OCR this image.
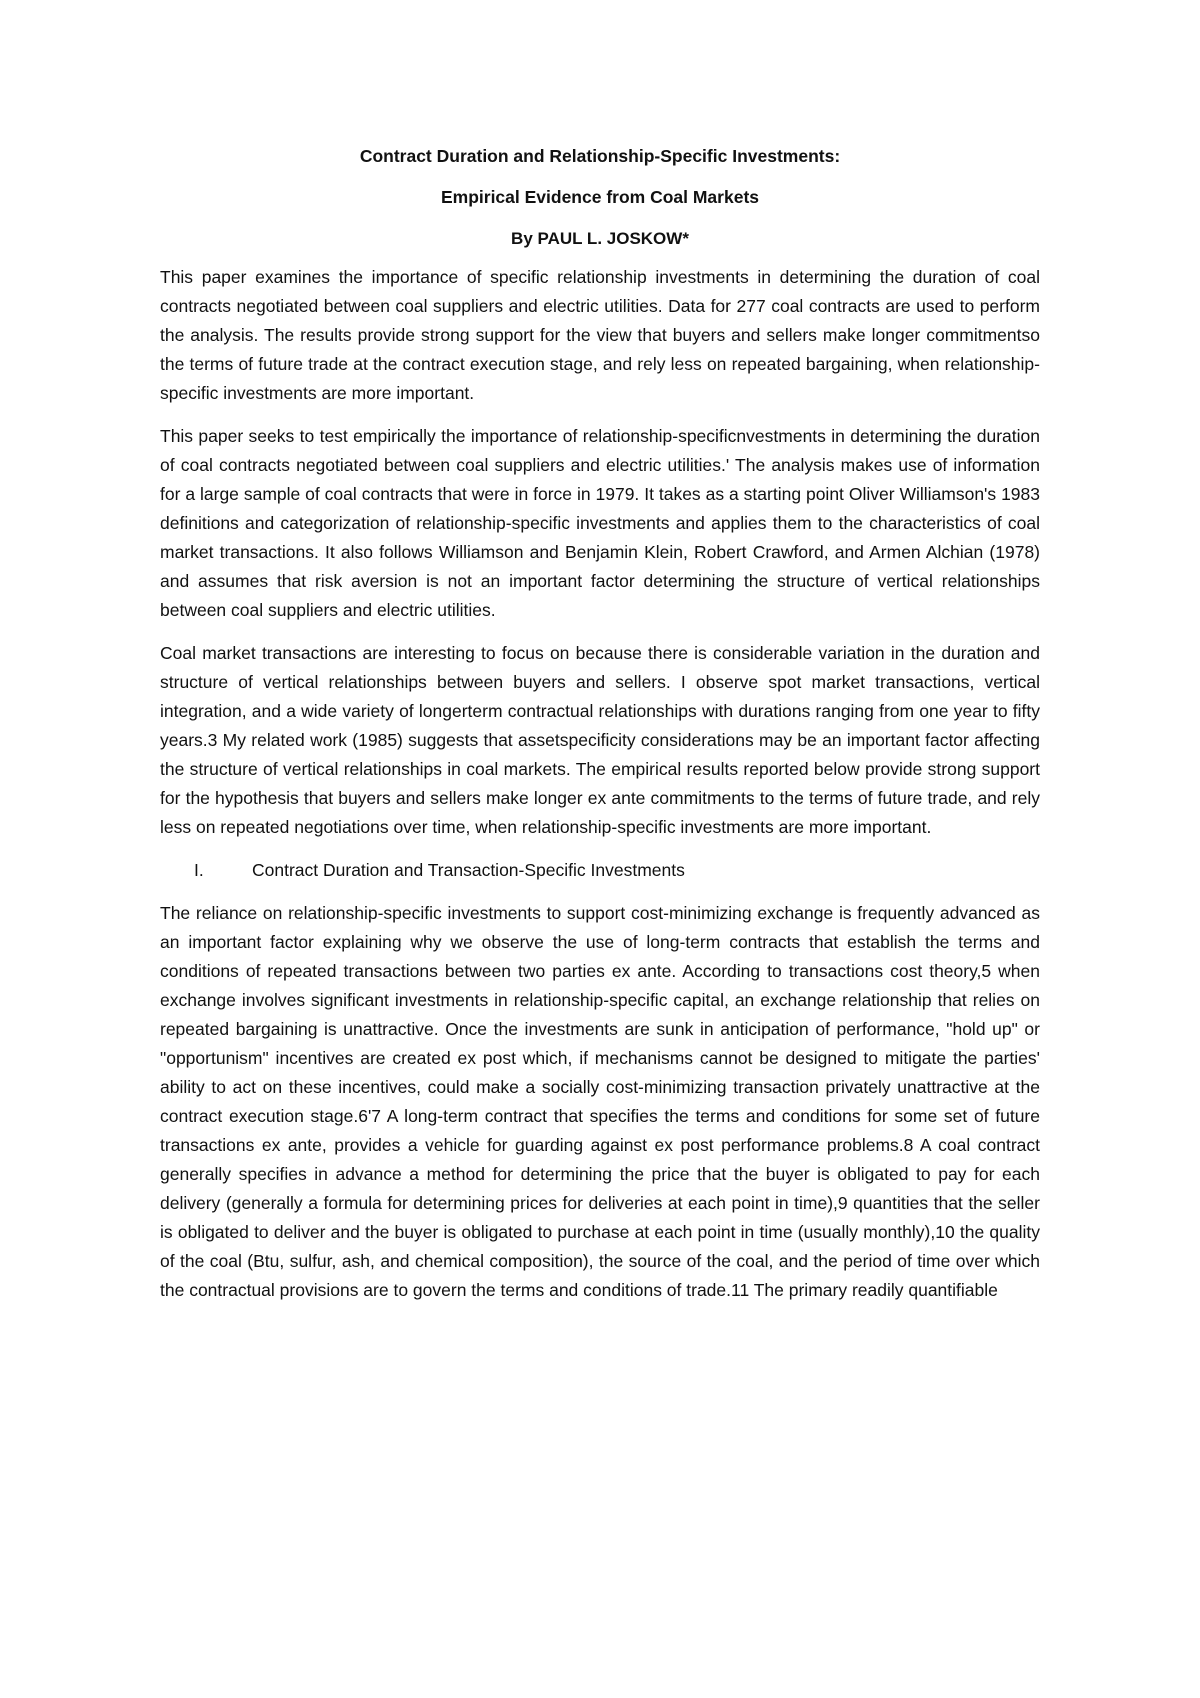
Contract Duration and Relationship-Specific Investments:

Empirical Evidence from Coal Markets

By PAUL L. JOSKOW*

This paper examines the importance of specific relationship investments in determining the duration of coal contracts negotiated between coal suppliers and electric utilities. Data for 277 coal contracts are used to perform the analysis. The results provide strong support for the view that buyers and sellers make longer commitmentso the terms of future trade at the contract execution stage, and rely less on repeated bargaining, when relationship-specific investments are more important.

This paper seeks to test empirically the importance of relationship-specificnvestments in determining the duration of coal contracts negotiated between coal suppliers and electric utilities.' The analysis makes use of information for a large sample of coal contracts that were in force in 1979. It takes as a starting point Oliver Williamson's 1983 definitions and categorization of relationship-specific investments and applies them to the characteristics of coal market transactions. It also follows Williamson and Benjamin Klein, Robert Crawford, and Armen Alchian (1978) and assumes that risk aversion is not an important factor determining the structure of vertical relationships between coal suppliers and electric utilities.

Coal market transactions are interesting to focus on because there is considerable variation in the duration and structure of vertical relationships between buyers and sellers. I observe spot market transactions, vertical integration, and a wide variety of longerterm contractual relationships with durations ranging from one year to fifty years.3 My related work (1985) suggests that assetspecificity considerations may be an important factor affecting the structure of vertical relationships in coal markets. The empirical results reported below provide strong support for the hypothesis that buyers and sellers make longer ex ante commitments to the terms of future trade, and rely less on repeated negotiations over time, when relationship-specific investments are more important.

I.	Contract Duration and Transaction-Specific Investments

The reliance on relationship-specific investments to support cost-minimizing exchange is frequently advanced as an important factor explaining why we observe the use of long-term contracts that establish the terms and conditions of repeated transactions between two parties ex ante. According to transactions cost theory,5 when exchange involves significant investments in relationship-specific capital, an exchange relationship that relies on repeated bargaining is unattractive. Once the investments are sunk in anticipation of performance, "hold up" or "opportunism" incentives are created ex post which, if mechanisms cannot be designed to mitigate the parties' ability to act on these incentives, could make a socially cost-minimizing transaction privately unattractive at the contract execution stage.6'7 A long-term contract that specifies the terms and conditions for some set of future transactions ex ante, provides a vehicle for guarding against ex post performance problems.8 A coal contract generally specifies in advance a method for determining the price that the buyer is obligated to pay for each delivery (generally a formula for determining prices for deliveries at each point in time),9 quantities that the seller is obligated to deliver and the buyer is obligated to purchase at each point in time (usually monthly),10 the quality of the coal (Btu, sulfur, ash, and chemical composition), the source of the coal, and the period of time over which the contractual provisions are to govern the terms and conditions of trade.11 The primary readily quantifiable
